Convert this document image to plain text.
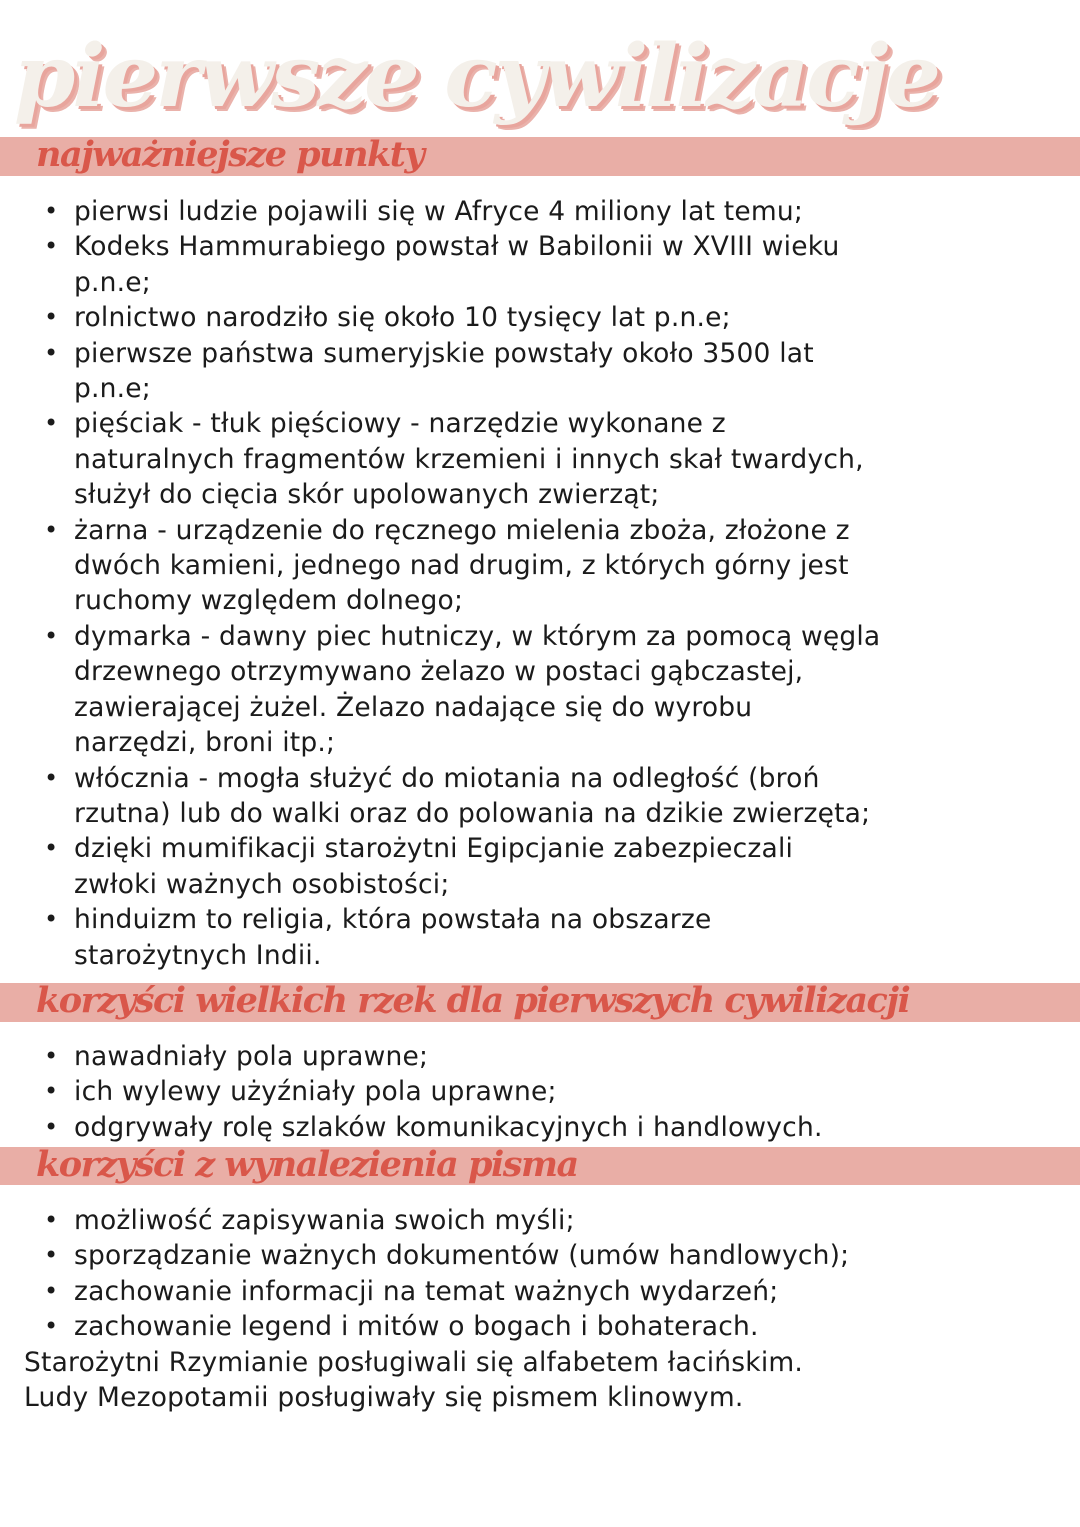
pierwsze cywilizacje
najważniejsze punkty
• pierwsi ludzie pojawili się w Afryce 4 miliony lat temu;
• Kodeks Hammurabiego powstał w Babilonii w XVIII wieku
p.n.e;
• rolnictwo narodziło się około 10 tysięcy lat p.n.e;
• pierwsze państwa sumeryjskie powstały około 3500 lat
p.n.e;
• pięściak - tłuk pięściowy - narzędzie wykonane z
naturalnych fragmentów krzemieni i innych skał twardych,
służył do cięcia skór upolowanych zwierząt;
• żarna - urządzenie do ręcznego mielenia zboża, złożone z
dwóch kamieni, jednego nad drugim, z których górny jest
ruchomy względem dolnego;
• dymarka - dawny piec hutniczy, w którym za pomocą węgla
drzewnego otrzymywano żelazo w postaci gąbczastej,
zawierającej żużel. Żelazo nadające się do wyrobu
narzędzi, broni itp.;
• włócznia - mogła służyć do miotania na odległość (broń
rzutna) lub do walki oraz do polowania na dzikie zwierzęta;
• dzięki mumifikacji starożytni Egipcjanie zabezpieczali
zwłoki ważnych osobistości;
• hinduizm to religia, która powstała na obszarze
starożytnych Indii.
korzyści wielkich rzek dla pierwszych cywilizacji
• nawadniały pola uprawne;
• ich wylewy użyźniały pola uprawne;
• odgrywały rolę szlaków komunikacyjnych i handlowych.
korzyści z wynalezienia pisma
• możliwość zapisywania swoich myśli;
• sporządzanie ważnych dokumentów (umów handlowych);
• zachowanie informacji na temat ważnych wydarzeń;
• zachowanie legend i mitów o bogach i bohaterach.

Starożytni Rzymianie posługiwali się alfabetem łacińskim.

Ludy Mezopotamii posługiwały się pismem klinowym.
